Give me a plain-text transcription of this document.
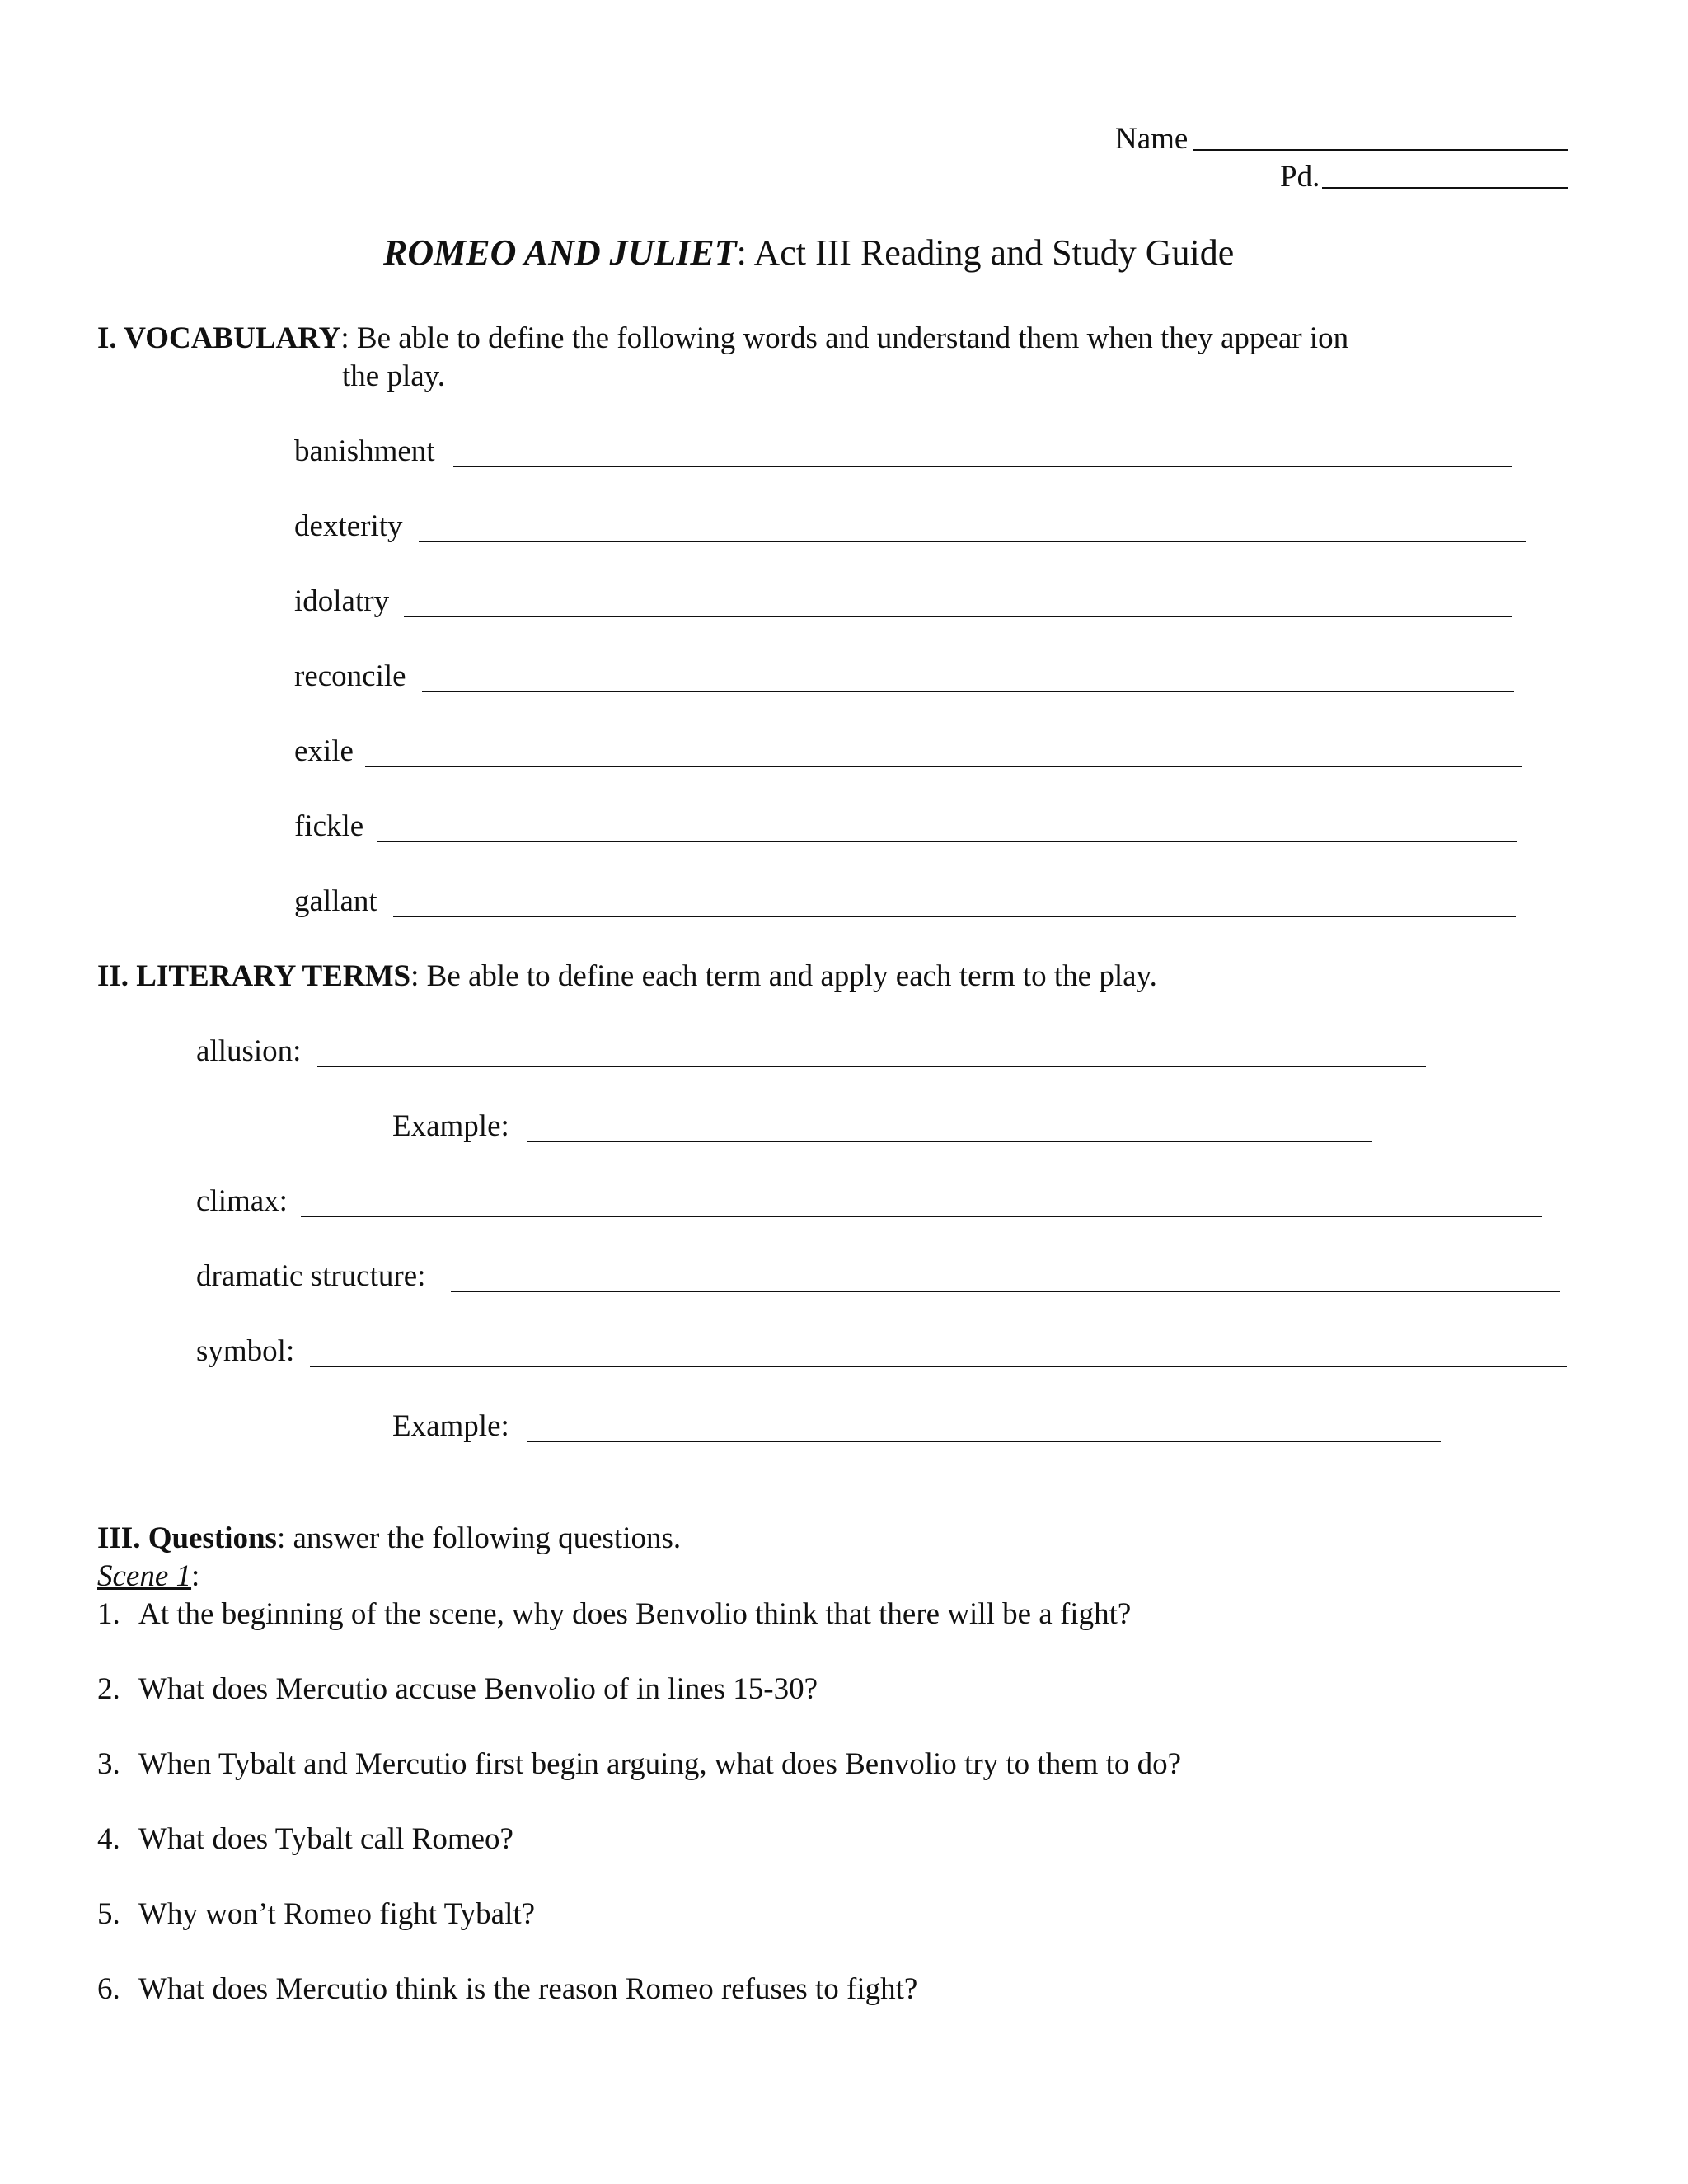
Name
Pd.
ROMEO AND JULIET: Act III Reading and Study Guide
I. VOCABULARY: Be able to define the following words and understand them when they appear ion
the play.
banishment
dexterity
idolatry
reconcile
exile
fickle
gallant
II. LITERARY TERMS: Be able to define each term and apply each term to the play.
allusion:
Example:
climax:
dramatic structure:
symbol:
Example:
III. Questions: answer the following questions.
Scene 1:
1. At the beginning of the scene, why does Benvolio think that there will be a fight?
2. What does Mercutio accuse Benvolio of in lines 15-30?
3. When Tybalt and Mercutio first begin arguing, what does Benvolio try to them to do?
4. What does Tybalt call Romeo?
5. Why won’t Romeo fight Tybalt?
6. What does Mercutio think is the reason Romeo refuses to fight?
